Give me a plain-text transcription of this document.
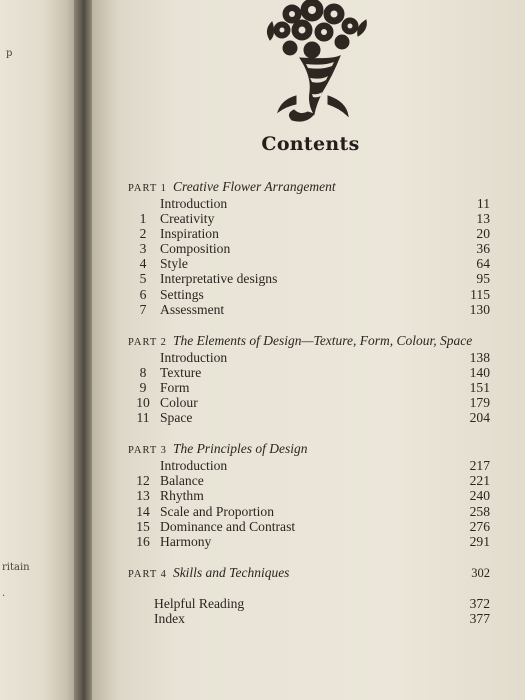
p
ritain
.
Contents
PART 1 Creative Flower Arrangement
Introduction	11
1	Creativity	13
2	Inspiration	20
3	Composition	36
4	Style	64
5	Interpretative designs	95
6	Settings	115
7	Assessment	130
PART 2 The Elements of Design—Texture, Form, Colour, Space
Introduction	138
8	Texture	140
9	Form	151
10 Colour	179
11 Space	204
PART 3 The Principles of Design
Introduction	217
12 Balance	221
13 Rhythm	240
14 Scale and Proportion	258
15 Dominance and Contrast	276
16 Harmony	291
PART 4 Skills and Techniques	302
Helpful Reading	372
Index	377
